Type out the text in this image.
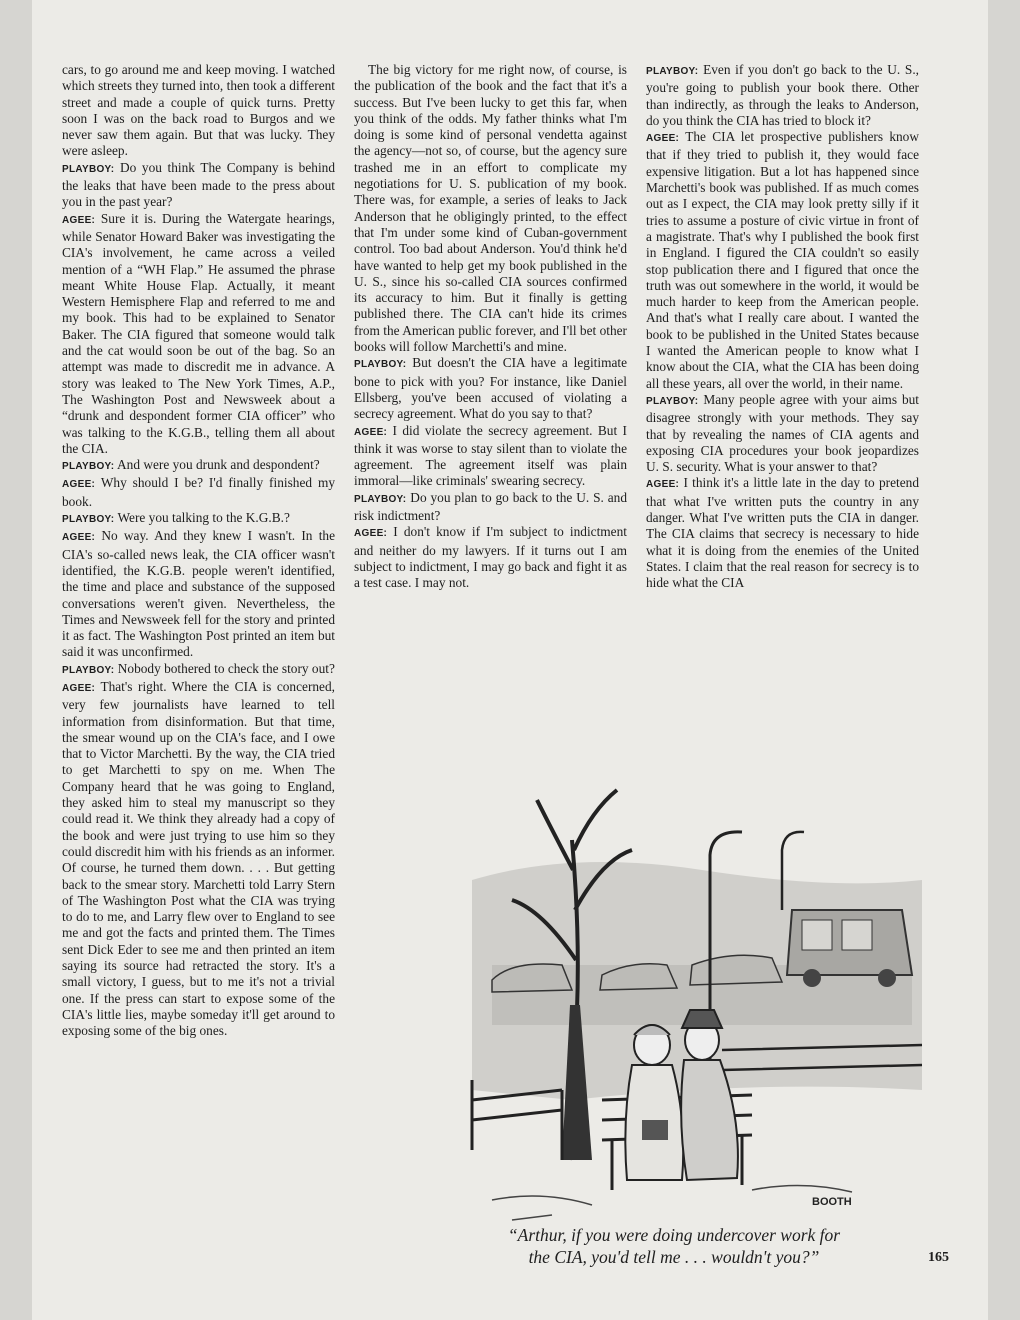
cars, to go around me and keep moving. I watched which streets they turned into, then took a different street and made a couple of quick turns. Pretty soon I was on the back road to Burgos and we never saw them again. But that was lucky. They were asleep.

PLAYBOY: Do you think The Company is behind the leaks that have been made to the press about you in the past year?

AGEE: Sure it is. During the Watergate hearings, while Senator Howard Baker was investigating the CIA's involvement, he came across a veiled mention of a “WH Flap.” He assumed the phrase meant White House Flap. Actually, it meant Western Hemisphere Flap and referred to me and my book. This had to be explained to Senator Baker. The CIA figured that someone would talk and the cat would soon be out of the bag. So an attempt was made to discredit me in advance. A story was leaked to The New York Times, A.P., The Washington Post and Newsweek about a “drunk and despondent former CIA officer” who was talking to the K.G.B., telling them all about the CIA.

PLAYBOY: And were you drunk and despondent?

AGEE: Why should I be? I'd finally finished my book.

PLAYBOY: Were you talking to the K.G.B.?

AGEE: No way. And they knew I wasn't. In the CIA's so-called news leak, the CIA officer wasn't identified, the K.G.B. people weren't identified, the time and place and substance of the supposed conversations weren't given. Nevertheless, the Times and Newsweek fell for the story and printed it as fact. The Washington Post printed an item but said it was unconfirmed.

PLAYBOY: Nobody bothered to check the story out?

AGEE: That's right. Where the CIA is concerned, very few journalists have learned to tell information from disinformation. But that time, the smear wound up on the CIA's face, and I owe that to Victor Marchetti. By the way, the CIA tried to get Marchetti to spy on me. When The Company heard that he was going to England, they asked him to steal my manuscript so they could read it. We think they already had a copy of the book and were just trying to use him so they could discredit him with his friends as an informer. Of course, he turned them down. . . . But getting back to the smear story. Marchetti told Larry Stern of The Washington Post what the CIA was trying to do to me, and Larry flew over to England to see me and got the facts and printed them. The Times sent Dick Eder to see me and then printed an item saying its source had retracted the story. It's a small victory, I guess, but to me it's not a trivial one. If the press can start to expose some of the CIA's little lies, maybe someday it'll get around to exposing some of the big ones.

The big victory for me right now, of course, is the publication of the book and the fact that it's a success. But I've been lucky to get this far, when you think of the odds. My father thinks what I'm doing is some kind of personal vendetta against the agency—not so, of course, but the agency sure trashed me in an effort to complicate my negotiations for U. S. publication of my book. There was, for example, a series of leaks to Jack Anderson that he obligingly printed, to the effect that I'm under some kind of Cuban-government control. Too bad about Anderson. You'd think he'd have wanted to help get my book published in the U. S., since his so-called CIA sources confirmed its accuracy to him. But it finally is getting published there. The CIA can't hide its crimes from the American public forever, and I'll bet other books will follow Marchetti's and mine.

PLAYBOY: But doesn't the CIA have a legitimate bone to pick with you? For instance, like Daniel Ellsberg, you've been accused of violating a secrecy agreement. What do you say to that?

AGEE: I did violate the secrecy agreement. But I think it was worse to stay silent than to violate the agreement. The agreement itself was plain immoral—like criminals' swearing secrecy.

PLAYBOY: Do you plan to go back to the U. S. and risk indictment?

AGEE: I don't know if I'm subject to indictment and neither do my lawyers. If it turns out I am subject to indictment, I may go back and fight it as a test case. I may not.

PLAYBOY: Even if you don't go back to the U. S., you're going to publish your book there. Other than indirectly, as through the leaks to Anderson, do you think the CIA has tried to block it?

AGEE: The CIA let prospective publishers know that if they tried to publish it, they would face expensive litigation. But a lot has happened since Marchetti's book was published. If as much comes out as I expect, the CIA may look pretty silly if it tries to assume a posture of civic virtue in front of a magistrate. That's why I published the book first in England. I figured the CIA couldn't so easily stop publication there and I figured that once the truth was out somewhere in the world, it would be much harder to keep from the American people. And that's what I really care about. I wanted the book to be published in the United States because I wanted the American people to know what I know about the CIA, what the CIA has been doing all these years, all over the world, in their name.

PLAYBOY: Many people agree with your aims but disagree strongly with your methods. They say that by revealing the names of CIA agents and exposing CIA procedures your book jeopardizes U. S. security. What is your answer to that?

AGEE: I think it's a little late in the day to pretend that what I've written puts the country in any danger. What I've written puts the CIA in danger. The CIA claims that secrecy is necessary to hide what it is doing from the enemies of the United States. I claim that the real reason for secrecy is to hide what the CIA

BOOTH
“Arthur, if you were doing undercover work for
the CIA, you'd tell me . . . wouldn't you?”	165
